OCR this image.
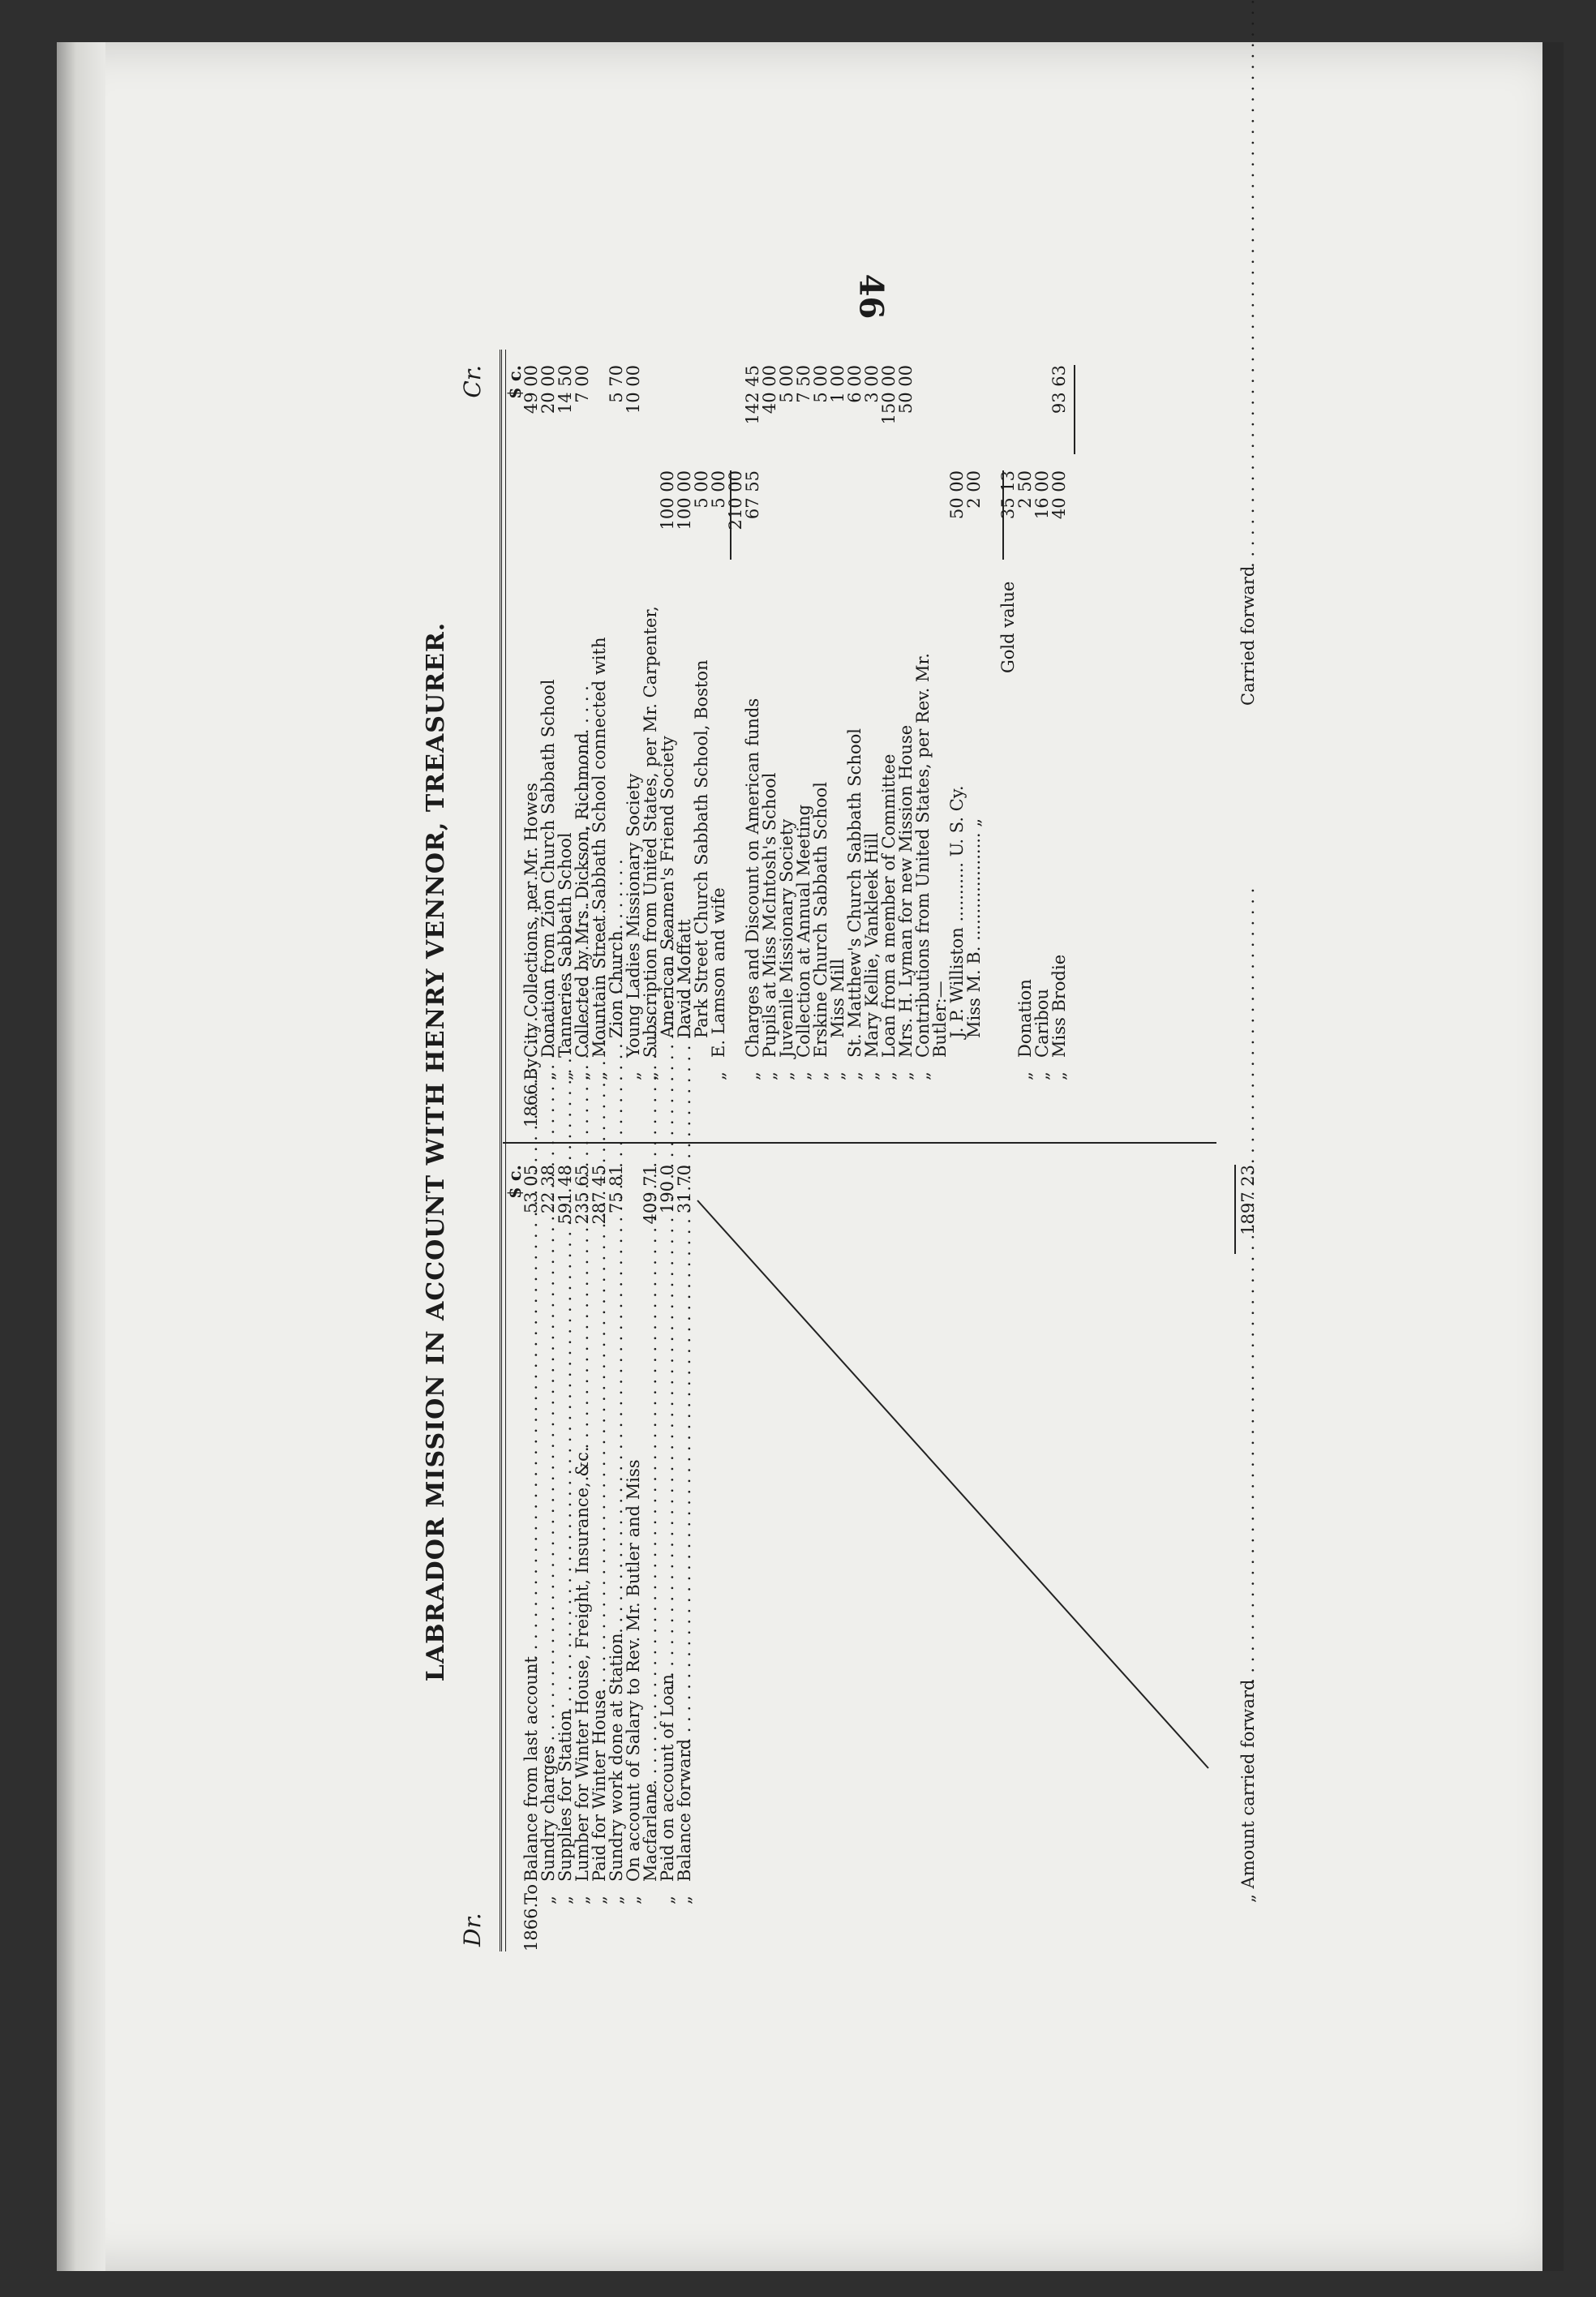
46
LABRADOR MISSION IN ACCOUNT WITH HENRY VENNOR, TREASURER.
Dr.
Cr.
$ c.
1866.
To
Balance from last account
. . .
53 05
„
Sundry charges
. . .
22 38
„
Supplies for Station
. . .
591 48
„
Lumber for Winter House, Freight, Insurance, &c.
. . .
235 65
„
Paid for Winter House
. . .
287 45
„
Sundry work done at Station
. . .
75 81
„
On account of Salary to Rev. Mr. Butler and Miss
Macfarlane
. . .
409 71
„
Paid on account of Loan
. . .
190 0
„
Balance forward
. . .
31 70
„ Amount carried forward
. . .
1897 23
$ c.
1866.
By
City Collections, per Mr. Howes
49 00
„
Donation from Zion Church Sabbath School
20 00
„
Tanneries Sabbath School
14 50
„
Collected by Mrs. Dickson, Richmond
7 00
„
Mountain Street Sabbath School connected with
Zion Church
5 70
„
Young Ladies Missionary Society
10 00
„
Subscription from United States, per Mr. Carpenter,
American Seamen's Friend Society
100 00
David Moffatt
100 00
Park Street Church Sabbath School, Boston
5 00
„
E. Lamson and wife
5 00
210 00
„
Charges and Discount on American funds
67 55
142 45
„
Pupils at Miss McIntosh's School
40 00
„
Juvenile Missionary Society
5 00
„
Collection at Annual Meeting
7 50
„
Erskine Church Sabbath School
5 00
„
Miss Mill
1 00
„
St. Matthew's Church Sabbath School
6 00
„
Mary Kellie, Vankleek Hill
3 00
„
Loan from a member of Committee
150 00
„
Mrs. H. Lyman for new Mission House
50 00
„
Contributions from United States, per Rev. Mr.
Butler:—
J. P. Williston ........... U. S. Cy.
50 00
Miss M. B. .................... „
2 00
Gold value
35 13
„
Donation
2 50
„
Caribou
16 00
„
Miss Brodie
40 00
93 63
Carried forward
. . .
